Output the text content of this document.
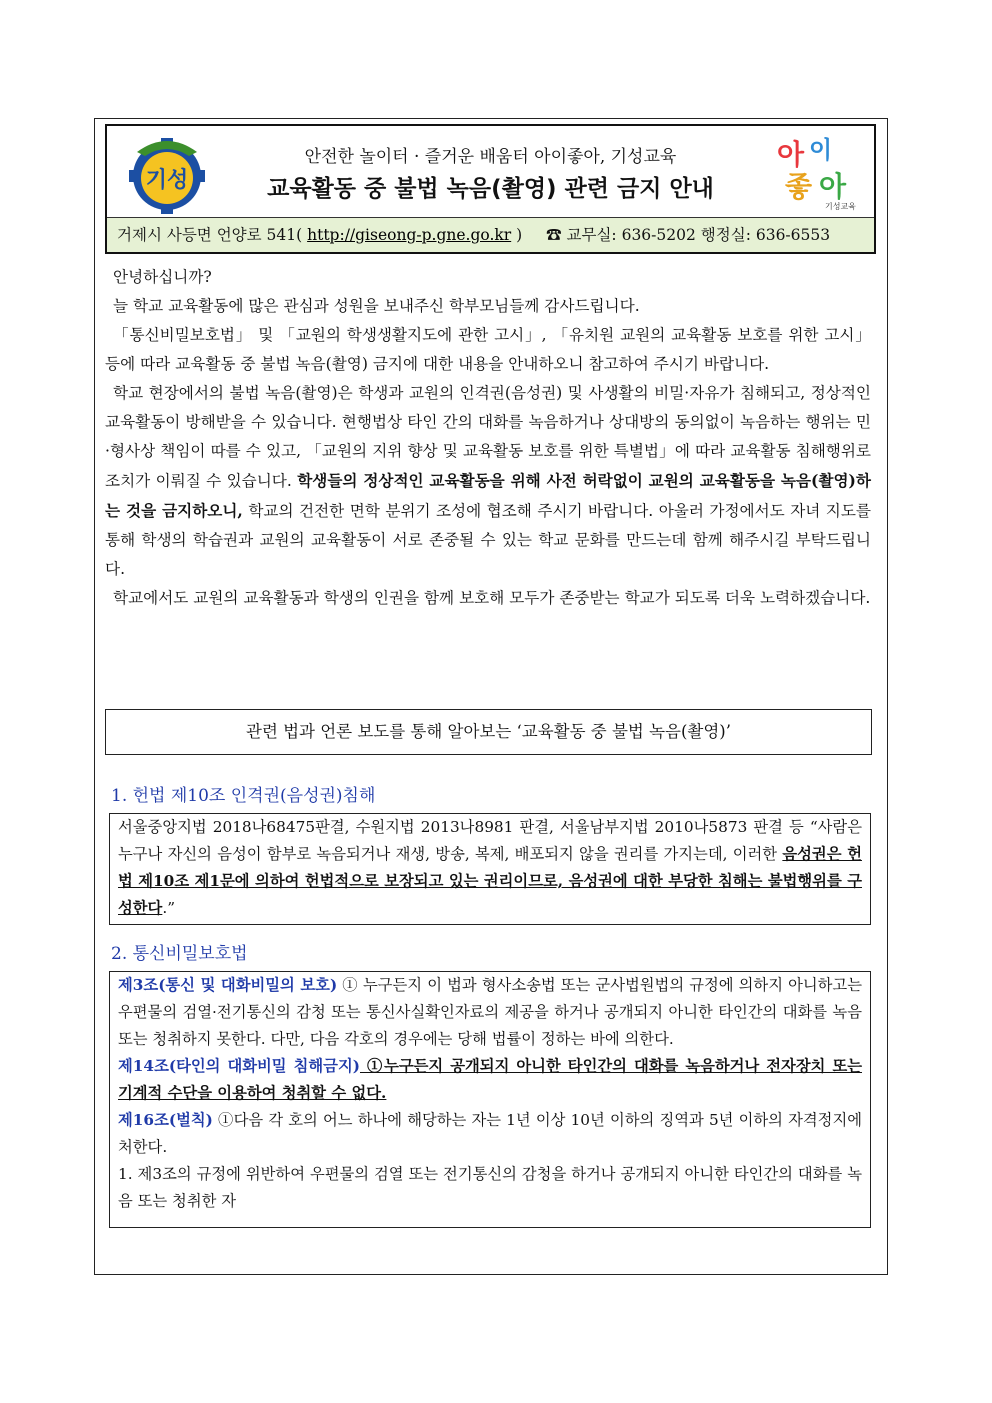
기성
안전한 놀이터 · 즐거운 배움터 아이좋아, 기성교육
교육활동 중 불법 녹음(촬영) 관련 금지 안내
아 이
좋 아
기성교육
거제시 사등면 언양로 541( http://giseong-p.gne.go.kr ) ☎ 교무실: 636-5202 행정실: 636-6553

안녕하십니까?

늘 학교 교육활동에 많은 관심과 성원을 보내주신 학부모님들께 감사드립니다.

「통신비밀보호법」 및 「교원의 학생생활지도에 관한 고시」, 「유치원 교원의 교육활동 보호를 위한 고시」 등에 따라 교육활동 중 불법 녹음(촬영) 금지에 대한 내용을 안내하오니 참고하여 주시기 바랍니다.

학교 현장에서의 불법 녹음(촬영)은 학생과 교원의 인격권(음성권) 및 사생활의 비밀·자유가 침해되고, 정상적인 교육활동이 방해받을 수 있습니다. 현행법상 타인 간의 대화를 녹음하거나 상대방의 동의없이 녹음하는 행위는 민·형사상 책임이 따를 수 있고, 「교원의 지위 향상 및 교육활동 보호를 위한 특별법」에 따라 교육활동 침해행위로 조치가 이뤄질 수 있습니다. 학생들의 정상적인 교육활동을 위해 사전 허락없이 교원의 교육활동을 녹음(촬영)하는 것을 금지하오니, 학교의 건전한 면학 분위기 조성에 협조해 주시기 바랍니다. 아울러 가정에서도 자녀 지도를 통해 학생의 학습권과 교원의 교육활동이 서로 존중될 수 있는 학교 문화를 만드는데 함께 해주시길 부탁드립니다.

학교에서도 교원의 교육활동과 학생의 인권을 함께 보호해 모두가 존중받는 학교가 되도록 더욱 노력하겠습니다.

관련 법과 언론 보도를 통해 알아보는 ‘교육활동 중 불법 녹음(촬영)’
1. 헌법 제10조 인격권(음성권)침해
서울중앙지법 2018나68475판결, 수원지법 2013나8981 판결, 서울남부지법 2010나5873 판결 등 “사람은 누구나 자신의 음성이 함부로 녹음되거나 재생, 방송, 복제, 배포되지 않을 권리를 가지는데, 이러한 음성권은 헌법 제10조 제1문에 의하여 헌법적으로 보장되고 있는 권리이므로, 음성권에 대한 부당한 침해는 불법행위를 구성한다.”
2. 통신비밀보호법
제3조(통신 및 대화비밀의 보호) ① 누구든지 이 법과 형사소송법 또는 군사법원법의 규정에 의하지 아니하고는 우편물의 검열·전기통신의 감청 또는 통신사실확인자료의 제공을 하거나 공개되지 아니한 타인간의 대화를 녹음 또는 청취하지 못한다. 다만, 다음 각호의 경우에는 당해 법률이 정하는 바에 의한다.
제14조(타인의 대화비밀 침해금지) ①누구든지 공개되지 아니한 타인간의 대화를 녹음하거나 전자장치 또는 기계적 수단을 이용하여 청취할 수 없다.
제16조(벌칙) ①다음 각 호의 어느 하나에 해당하는 자는 1년 이상 10년 이하의 징역과 5년 이하의 자격정지에 처한다.
1. 제3조의 규정에 위반하여 우편물의 검열 또는 전기통신의 감청을 하거나 공개되지 아니한 타인간의 대화를 녹음 또는 청취한 자
